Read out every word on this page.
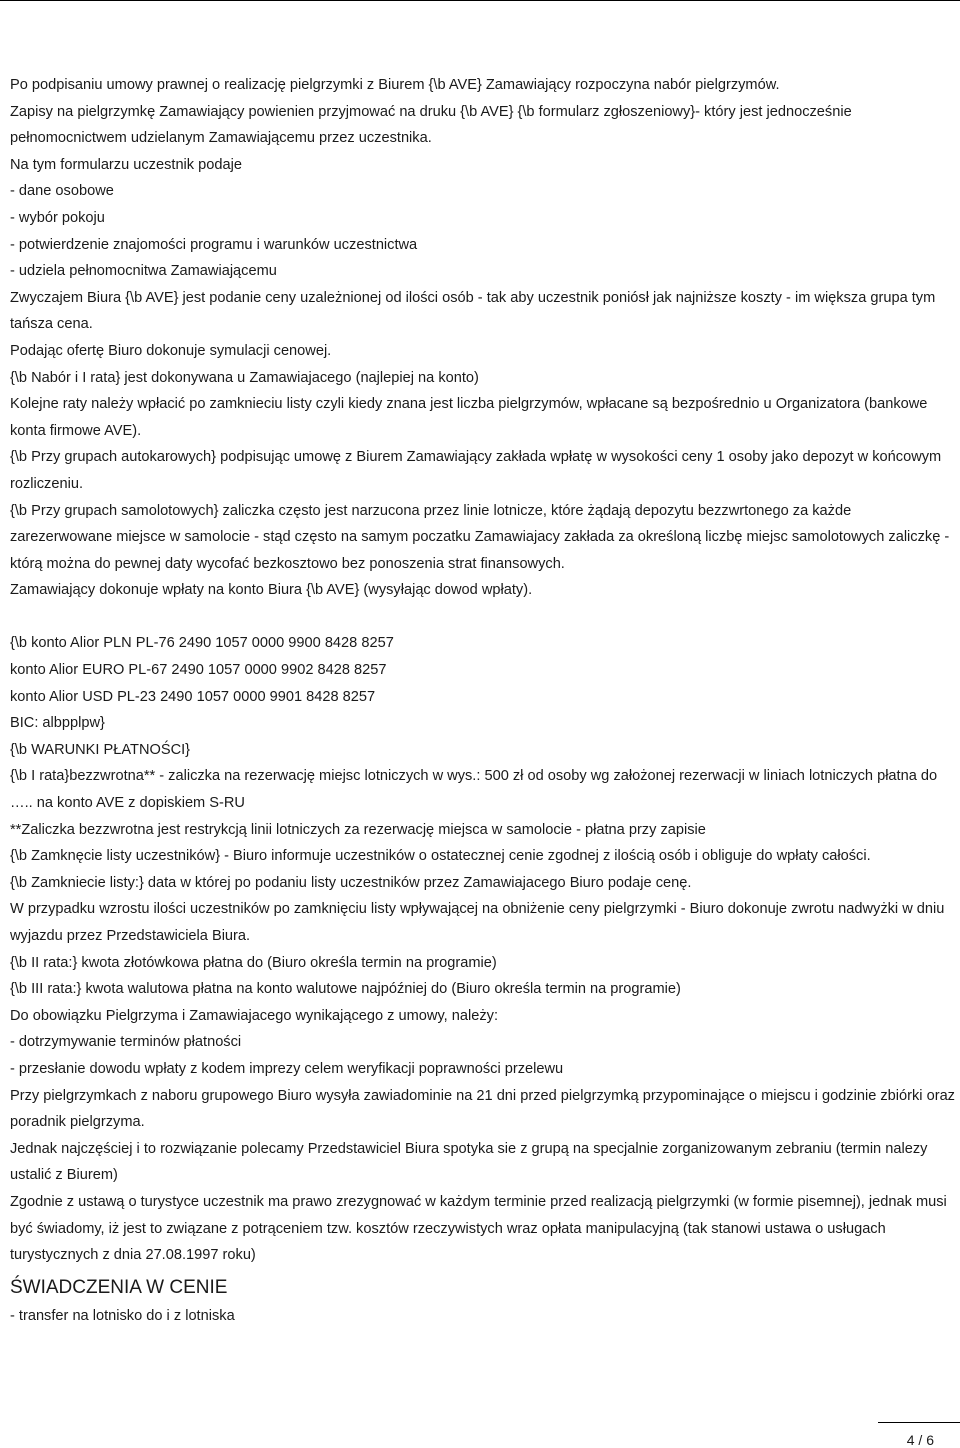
Po podpisaniu umowy prawnej o realizację pielgrzymki z Biurem {\b AVE} Zamawiający rozpoczyna nabór pielgrzymów.

Zapisy na pielgrzymkę Zamawiający powienien przyjmować na druku {\b AVE} {\b formularz zgłoszeniowy}- który jest jednocześnie pełnomocnictwem udzielanym Zamawiającemu przez uczestnika.

Na tym formularzu uczestnik podaje

- dane osobowe

- wybór pokoju

- potwierdzenie znajomości programu i warunków uczestnictwa

- udziela pełnomocnitwa Zamawiającemu

Zwyczajem Biura {\b AVE} jest podanie ceny uzależnionej od ilości osób - tak aby uczestnik poniósł jak najniższe koszty - im większa grupa tym tańsza cena.

Podając ofertę Biuro dokonuje symulacji cenowej.

{\b Nabór i I rata} jest dokonywana u Zamawiajacego (najlepiej na konto)

Kolejne raty należy wpłacić po zamknieciu listy czyli kiedy znana jest liczba pielgrzymów, wpłacane są bezpośrednio u Organizatora (bankowe konta firmowe AVE).

{\b Przy grupach autokarowych} podpisując umowę z Biurem Zamawiający zakłada wpłatę w wysokości ceny 1 osoby jako depozyt w końcowym rozliczeniu.

{\b Przy grupach samolotowych} zaliczka często jest narzucona przez linie lotnicze, które żądają depozytu bezzwrtonego za każde zarezerwowane miejsce w samolocie - stąd często na samym poczatku Zamawiajacy zakłada za określoną liczbę miejsc samolotowych zaliczkę - którą można do pewnej daty wycofać bezkosztowo bez ponoszenia strat finansowych.

Zamawiający dokonuje wpłaty na konto Biura {\b AVE} (wysyłając dowod wpłaty).

{\b konto Alior PLN PL-76 2490 1057 0000 9900 8428 8257

konto Alior EURO PL-67 2490 1057 0000 9902 8428 8257

konto Alior USD PL-23 2490 1057 0000 9901 8428 8257

BIC: albpplpw}

{\b WARUNKI PŁATNOŚCI}

{\b I rata}bezzwrotna** - zaliczka na rezerwację miejsc lotniczych w wys.: 500 zł od osoby wg założonej rezerwacji w liniach lotniczych płatna do ….. na konto AVE z dopiskiem S-RU

**Zaliczka bezzwrotna jest restrykcją linii lotniczych za rezerwację miejsca w samolocie - płatna przy zapisie

{\b Zamknęcie listy uczestników} - Biuro informuje uczestników o ostatecznej cenie zgodnej z ilością osób i obliguje do wpłaty całości.

{\b Zamkniecie listy:} data w której po podaniu listy uczestników przez Zamawiajacego Biuro podaje cenę.

W przypadku wzrostu ilości uczestników po zamknięciu listy wpływającej na obniżenie ceny pielgrzymki - Biuro dokonuje zwrotu nadwyżki w dniu wyjazdu przez Przedstawiciela Biura.

{\b II rata:} kwota złotówkowa płatna do (Biuro określa termin na programie)

{\b III rata:} kwota walutowa płatna na konto walutowe najpóźniej do (Biuro określa termin na programie)

Do obowiązku Pielgrzyma i Zamawiajacego wynikającego z umowy, należy:

- dotrzymywanie terminów płatności

- przesłanie dowodu wpłaty z kodem imprezy celem weryfikacji poprawności przelewu

Przy pielgrzymkach z naboru grupowego Biuro wysyła zawiadominie na 21 dni przed pielgrzymką przypominające o miejscu i godzinie zbiórki oraz poradnik pielgrzyma.

Jednak najczęściej i to rozwiązanie polecamy Przedstawiciel Biura spotyka sie z grupą na specjalnie zorganizowanym zebraniu (termin nalezy ustalić z Biurem)

Zgodnie z ustawą o turystyce uczestnik ma prawo zrezygnować w każdym terminie przed realizacją pielgrzymki (w formie pisemnej), jednak musi być świadomy, iż jest to związane z potrąceniem tzw. kosztów rzeczywistych wraz opłata manipulacyjną (tak stanowi ustawa o usługach turystycznych z dnia 27.08.1997 roku)

ŚWIADCZENIA W CENIE

- transfer na lotnisko do i z lotniska

4 / 6
